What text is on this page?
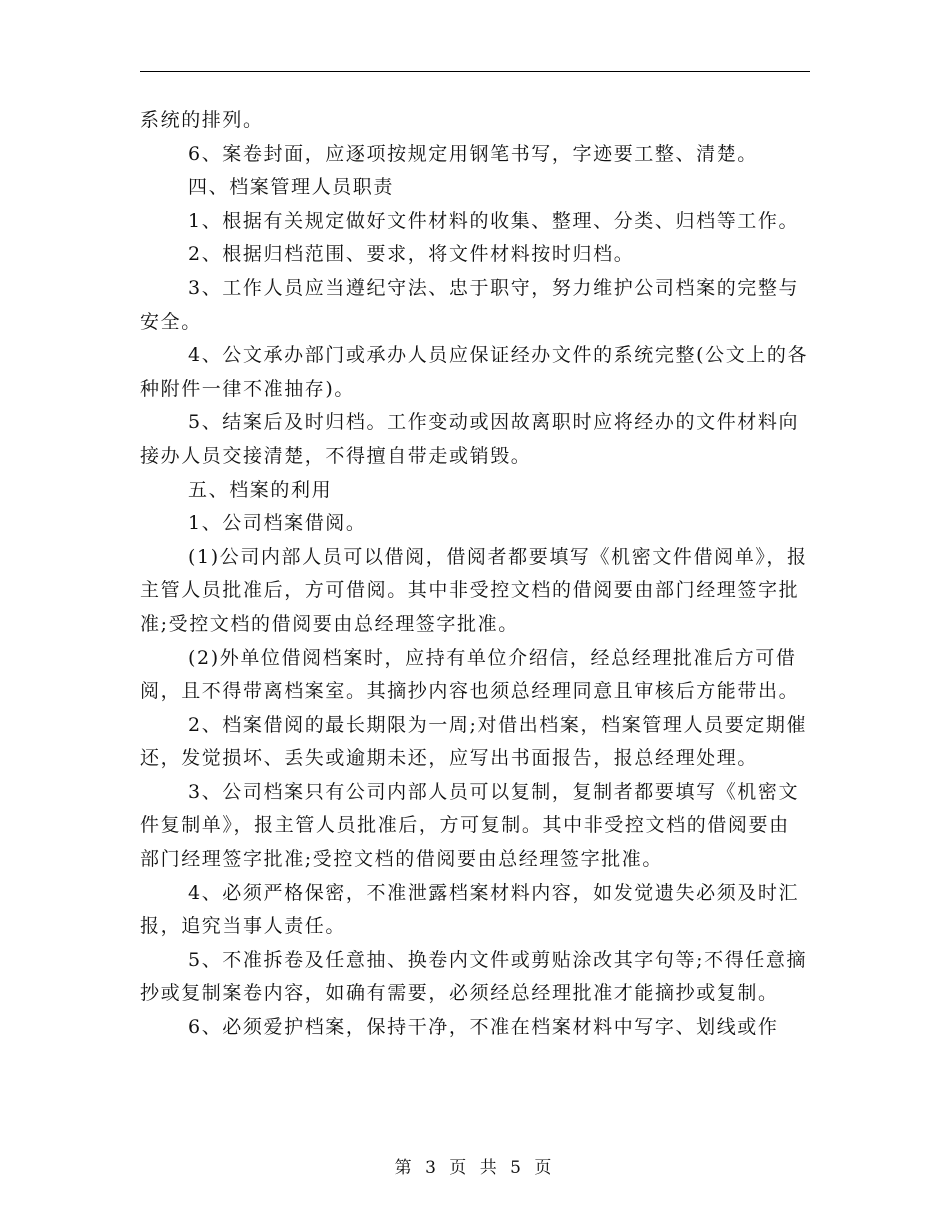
系统的排列。

6、案卷封面，应逐项按规定用钢笔书写，字迹要工整、清楚。

四、档案管理人员职责

1、根据有关规定做好文件材料的收集、整理、分类、归档等工作。

2、根据归档范围、要求，将文件材料按时归档。

3、工作人员应当遵纪守法、忠于职守，努力维护公司档案的完整与安全。

4、公文承办部门或承办人员应保证经办文件的系统完整(公文上的各种附件一律不准抽存)。

5、结案后及时归档。工作变动或因故离职时应将经办的文件材料向接办人员交接清楚，不得擅自带走或销毁。

五、档案的利用

1、公司档案借阅。

(1)公司内部人员可以借阅，借阅者都要填写《机密文件借阅单》，报主管人员批准后，方可借阅。其中非受控文档的借阅要由部门经理签字批准;受控文档的借阅要由总经理签字批准。

(2)外单位借阅档案时，应持有单位介绍信，经总经理批准后方可借阅，且不得带离档案室。其摘抄内容也须总经理同意且审核后方能带出。

2、档案借阅的最长期限为一周;对借出档案，档案管理人员要定期催还，发觉损坏、丢失或逾期未还，应写出书面报告，报总经理处理。

3、公司档案只有公司内部人员可以复制，复制者都要填写《机密文件复制单》，报主管人员批准后，方可复制。其中非受控文档的借阅要由部门经理签字批准;受控文档的借阅要由总经理签字批准。

4、必须严格保密，不准泄露档案材料内容，如发觉遗失必须及时汇报，追究当事人责任。

5、不准拆卷及任意抽、换卷内文件或剪贴涂改其字句等;不得任意摘抄或复制案卷内容，如确有需要，必须经总经理批准才能摘抄或复制。

6、必须爱护档案，保持干净，不准在档案材料中写字、划线或作

第 3 页 共 5 页
